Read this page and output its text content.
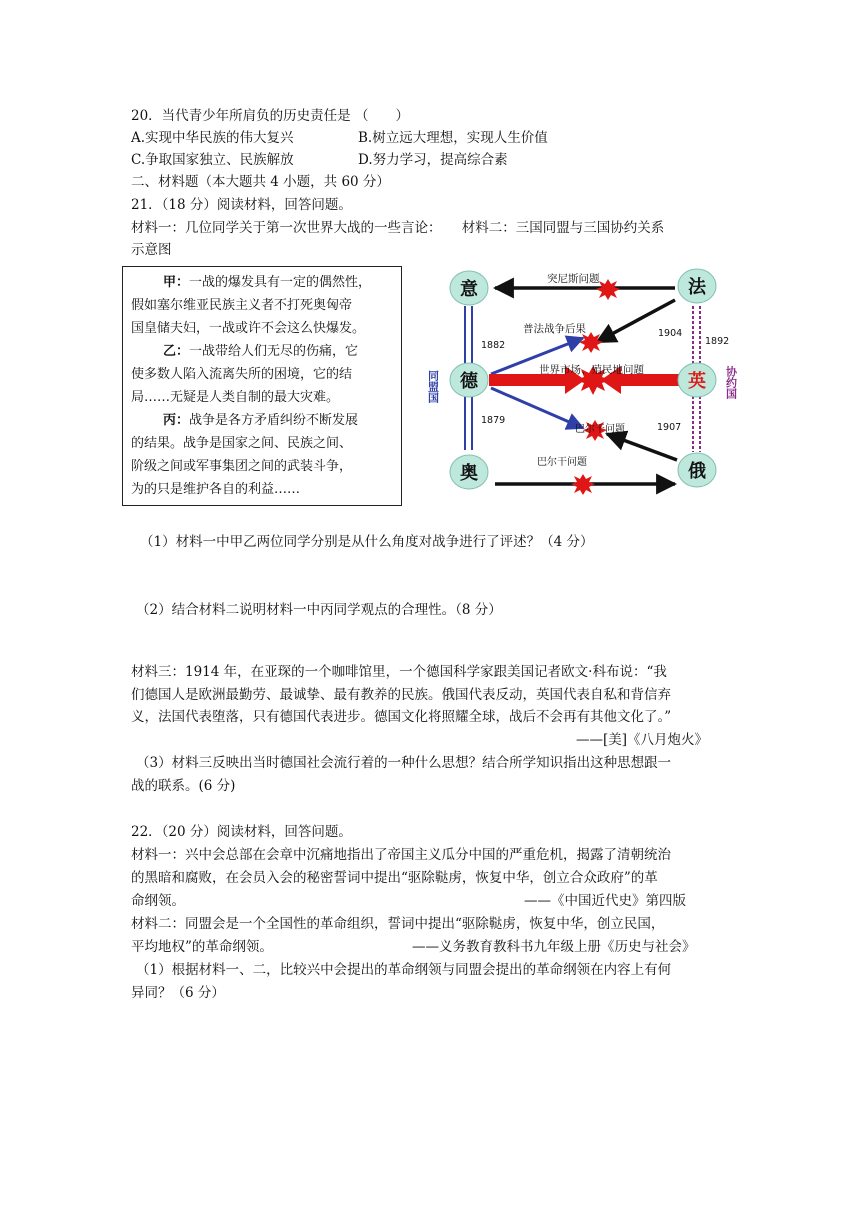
20．当代青少年所肩负的历史责任是 （　　）
A.实现中华民族的伟大复兴	B.树立远大理想，实现人生价值
C.争取国家独立、民族解放	D.努力学习，提高综合素
二、材料题（本大题共 4 小题，共 60 分）
21．（18 分）阅读材料，回答问题。
材料一：几位同学关于第一次世界大战的一些言论：　　材料二：三国同盟与三国协约关系
示意图
甲：一战的爆发具有一定的偶然性，
假如塞尔维亚民族主义者不打死奥匈帝
国皇储夫妇，一战或许不会这么快爆发。
乙：一战带给人们无尽的伤痛，它
使多数人陷入流离失所的困境，它的结
局……无疑是人类自制的最大灾难。
丙：战争是各方矛盾纠纷不断发展
的结果。战争是国家之间、民族之间、
阶级之间或军事集团之间的武装斗争，
为的只是维护各自的利益……
意
德
奥
法
英
俄
突尼斯问题
普法战争后果
世界市场、殖民地问题
巴尔干问题
巴尔干问题
1882
1879
1904
1892
1907
同盟国	协约国
（1）材料一中甲乙两位同学分别是从什么角度对战争进行了评述？（4 分）
（2）结合材料二说明材料一中丙同学观点的合理性。（8 分）
材料三：1914 年，在亚琛的一个咖啡馆里，一个德国科学家跟美国记者欧文·科布说：“我
们德国人是欧洲最勤劳、最诚挚、最有教养的民族。俄国代表反动，英国代表自私和背信弃
义，法国代表堕落，只有德国代表进步。德国文化将照耀全球，战后不会再有其他文化了。”
——[美]《八月炮火》
（3）材料三反映出当时德国社会流行着的一种什么思想？结合所学知识指出这种思想跟一
战的联系。(6 分)
22．（20 分）阅读材料，回答问题。
材料一：兴中会总部在会章中沉痛地指出了帝国主义瓜分中国的严重危机，揭露了清朝统治
的黑暗和腐败，在会员入会的秘密誓词中提出“驱除鞑虏，恢复中华，创立合众政府”的革
命纲领。	——《中国近代史》第四版
材料二：同盟会是一个全国性的革命组织，誓词中提出“驱除鞑虏，恢复中华，创立民国，
平均地权”的革命纲领。	——义务教育教科书九年级上册《历史与社会》
（1）根据材料一、二，比较兴中会提出的革命纲领与同盟会提出的革命纲领在内容上有何
异同？（6 分）
